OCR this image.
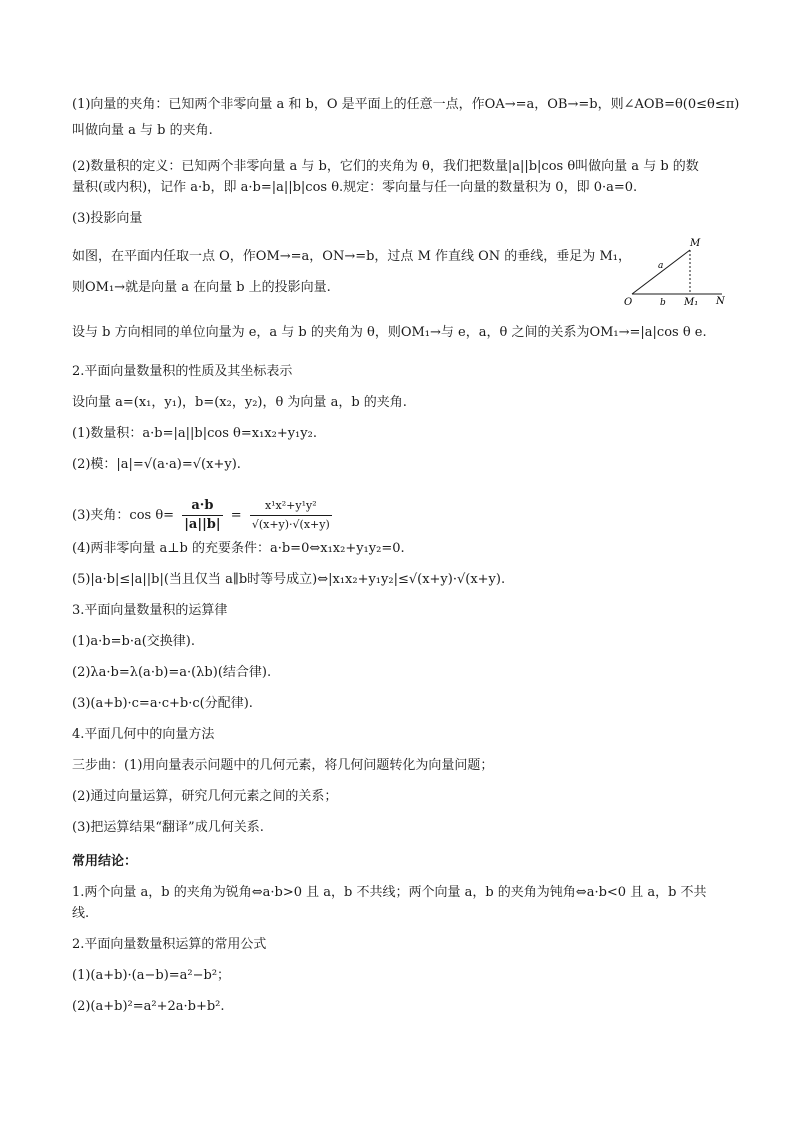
(1)向量的夹角：已知两个非零向量 a 和 b，O 是平面上的任意一点，作OA→=a，OB→=b，则∠AOB=θ(0≤θ≤π)
叫做向量 a 与 b 的夹角.
(2)数量积的定义：已知两个非零向量 a 与 b，它们的夹角为 θ，我们把数量|a||b|cos θ叫做向量 a 与 b 的数
量积(或内积)，记作 a·b，即 a·b=|a||b|cos θ.规定：零向量与任一向量的数量积为 0，即 0·a=0.
(3)投影向量
如图，在平面内任取一点 O，作OM→=a，ON→=b，过点 M 作直线 ON 的垂线，垂足为 M₁，
则OM₁→就是向量 a 在向量 b 上的投影向量.
设与 b 方向相同的单位向量为 e，a 与 b 的夹角为 θ，则OM₁→与 e，a，θ 之间的关系为OM₁→=|a|cos θ e.
2.平面向量数量积的性质及其坐标表示
设向量 a=(x₁，y₁)，b=(x₂，y₂)，θ 为向量 a，b 的夹角.
(1)数量积：a·b=|a||b|cos θ=x₁x₂+y₁y₂.
(2)模：|a|=√(a·a)=√(x+y).
(3)夹角：$\cos \theta= \frac{a\cdot b}{|a||b|} = \frac{\text{x¹x²+y¹y²}}{√(x+y)\cdot√(x+y)}$
(4)两非零向量 a⊥b 的充要条件：a·b=0⇔x₁x₂+y₁y₂=0.
(5)|a·b|≤|a||b|(当且仅当 a∥b时等号成立)⇔|x₁x₂+y₁y₂|≤√(x+y)·√(x+y).
3.平面向量数量积的运算律
(1)a·b=b·a(交换律).
(2)λa·b=λ(a·b)=a·(λb)(结合律).
(3)(a+b)·c=a·c+b·c(分配律).
4.平面几何中的向量方法
三步曲：(1)用向量表示问题中的几何元素，将几何问题转化为向量问题；
(2)通过向量运算，研究几何元素之间的关系；
(3)把运算结果“翻译”成几何关系.
常用结论：
1.两个向量 a，b 的夹角为锐角⇔a·b>0 且 a，b 不共线；两个向量 a，b 的夹角为钝角⇔a·b<0 且 a，b 不共
线.
2.平面向量数量积运算的常用公式
(1)(a+b)·(a−b)=a²−b²；
(2)(a+b)²=a²+2a·b+b².
M
a
O	b M₁ N
